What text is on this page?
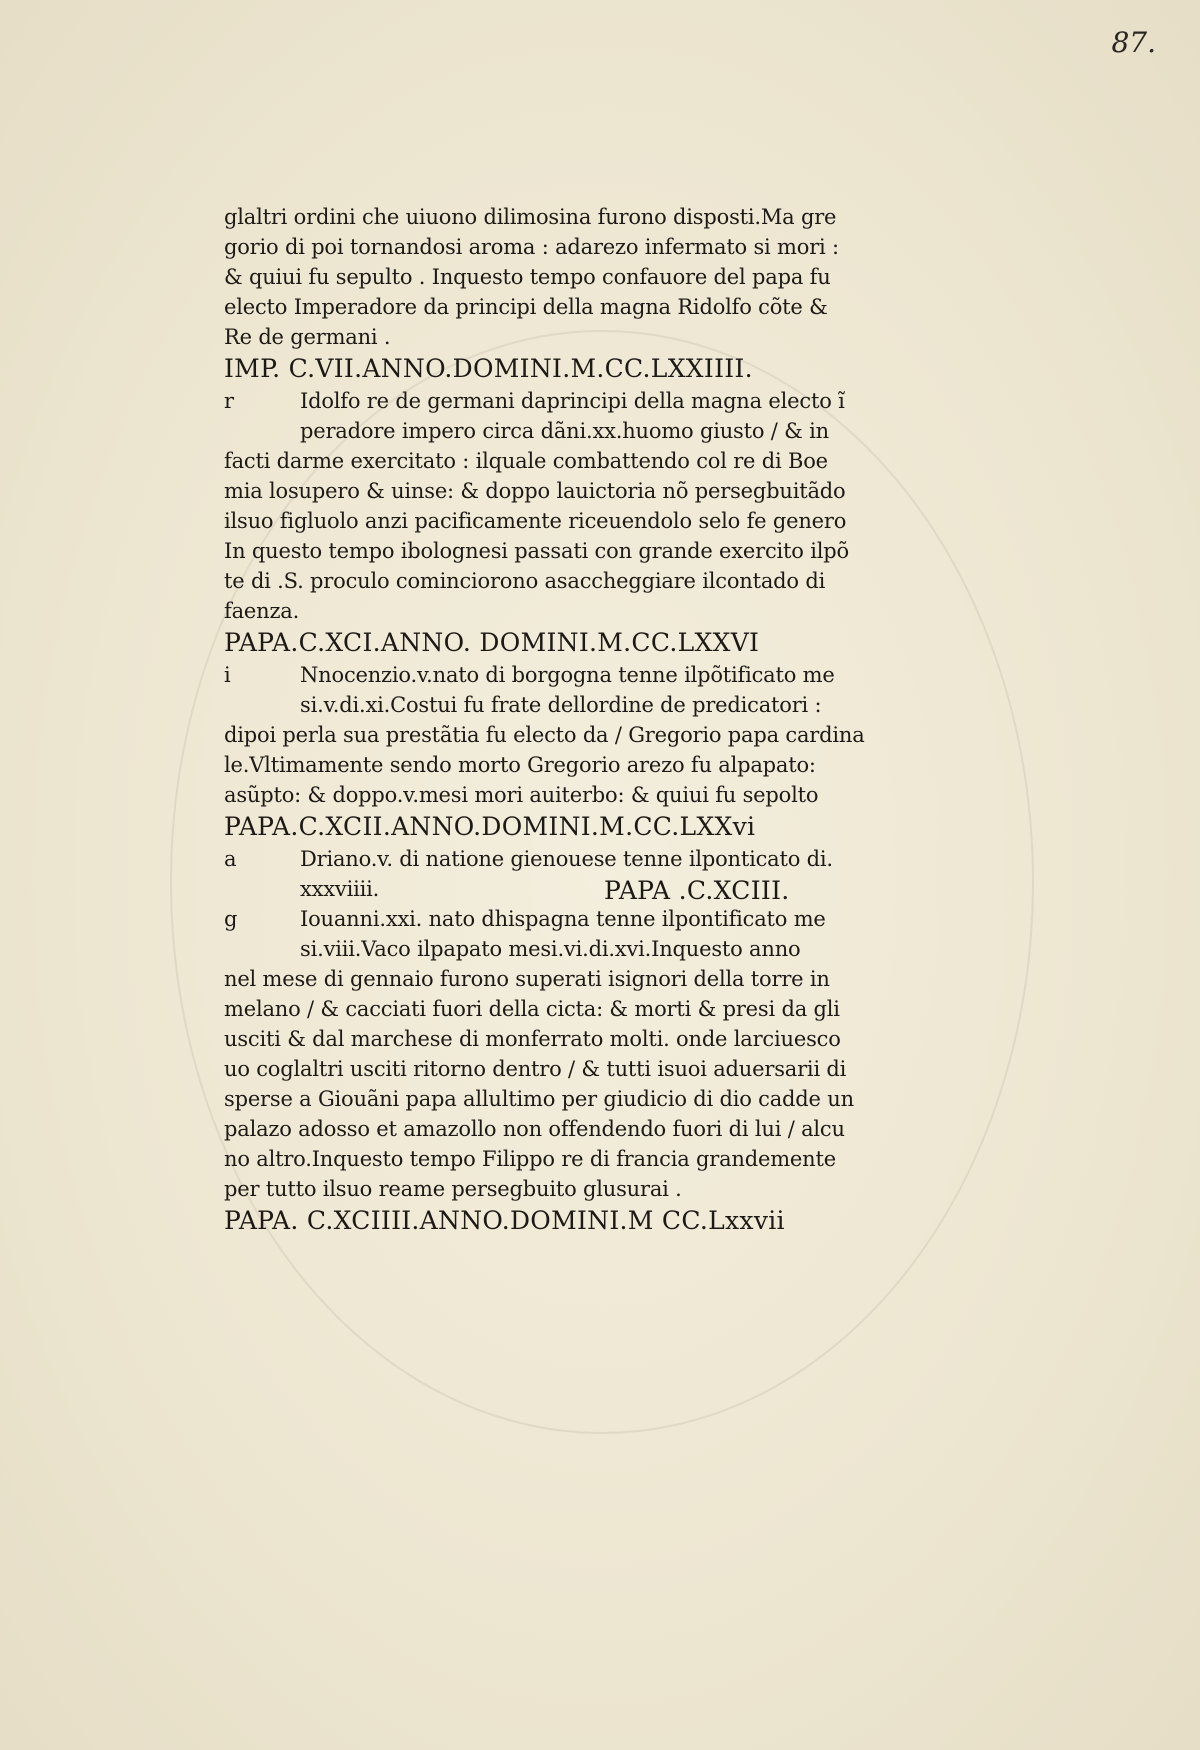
87.
glaltri ordini che uiuono dilimosina furono disposti.Ma gre
gorio di poi tornandosi aroma : adarezo infermato si mori :
& quiui fu sepulto . Inquesto tempo confauore del papa fu
electo Imperadore da principi della magna Ridolfo cõte &
Re de germani .
IMP. C.VII.ANNO.DOMINI.M.CC.LXXIIII.
r	Idolfo re de germani daprincipi della magna electo ĩ
peradore impero circa dãni.xx.huomo giusto / & in
facti darme exercitato : ilquale combattendo col re di Boe
mia losupero & uinse: & doppo lauictoria nõ persegbuitãdo
ilsuo figluolo anzi pacificamente riceuendolo selo fe genero
In questo tempo ibolognesi passati con grande exercito ilpõ
te di .S. proculo cominciorono asaccheggiare ilcontado di
faenza.
PAPA.C.XCI.ANNO. DOMINI.M.CC.LXXVI
i	Nnocenzio.v.nato di borgogna tenne ilpõtificato me
si.v.di.xi.Costui fu frate dellordine de predicatori :
dipoi perla sua prestãtia fu electo da / Gregorio papa cardina
le.Vltimamente sendo morto Gregorio arezo fu alpapato:
asũpto: & doppo.v.mesi mori auiterbo: & quiui fu sepolto
PAPA.C.XCII.ANNO.DOMINI.M.CC.LXXvi
a	Driano.v. di natione gienouese tenne ilponticato di.
xxxviiii.	PAPA .C.XCIII.
g	Iouanni.xxi. nato dhispagna tenne ilpontificato me
si.viii.Vaco ilpapato mesi.vi.di.xvi.Inquesto anno
nel mese di gennaio furono superati isignori della torre in
melano / & cacciati fuori della cicta: & morti & presi da gli
usciti & dal marchese di monferrato molti. onde larciuesco
uo coglaltri usciti ritorno dentro / & tutti isuoi aduersarii di
sperse a Giouãni papa allultimo per giudicio di dio cadde un
palazo adosso et amazollo non offendendo fuori di lui / alcu
no altro.Inquesto tempo Filippo re di francia grandemente
per tutto ilsuo reame persegbuito glusurai .
PAPA. C.XCIIII.ANNO.DOMINI.M CC.Lxxvii
